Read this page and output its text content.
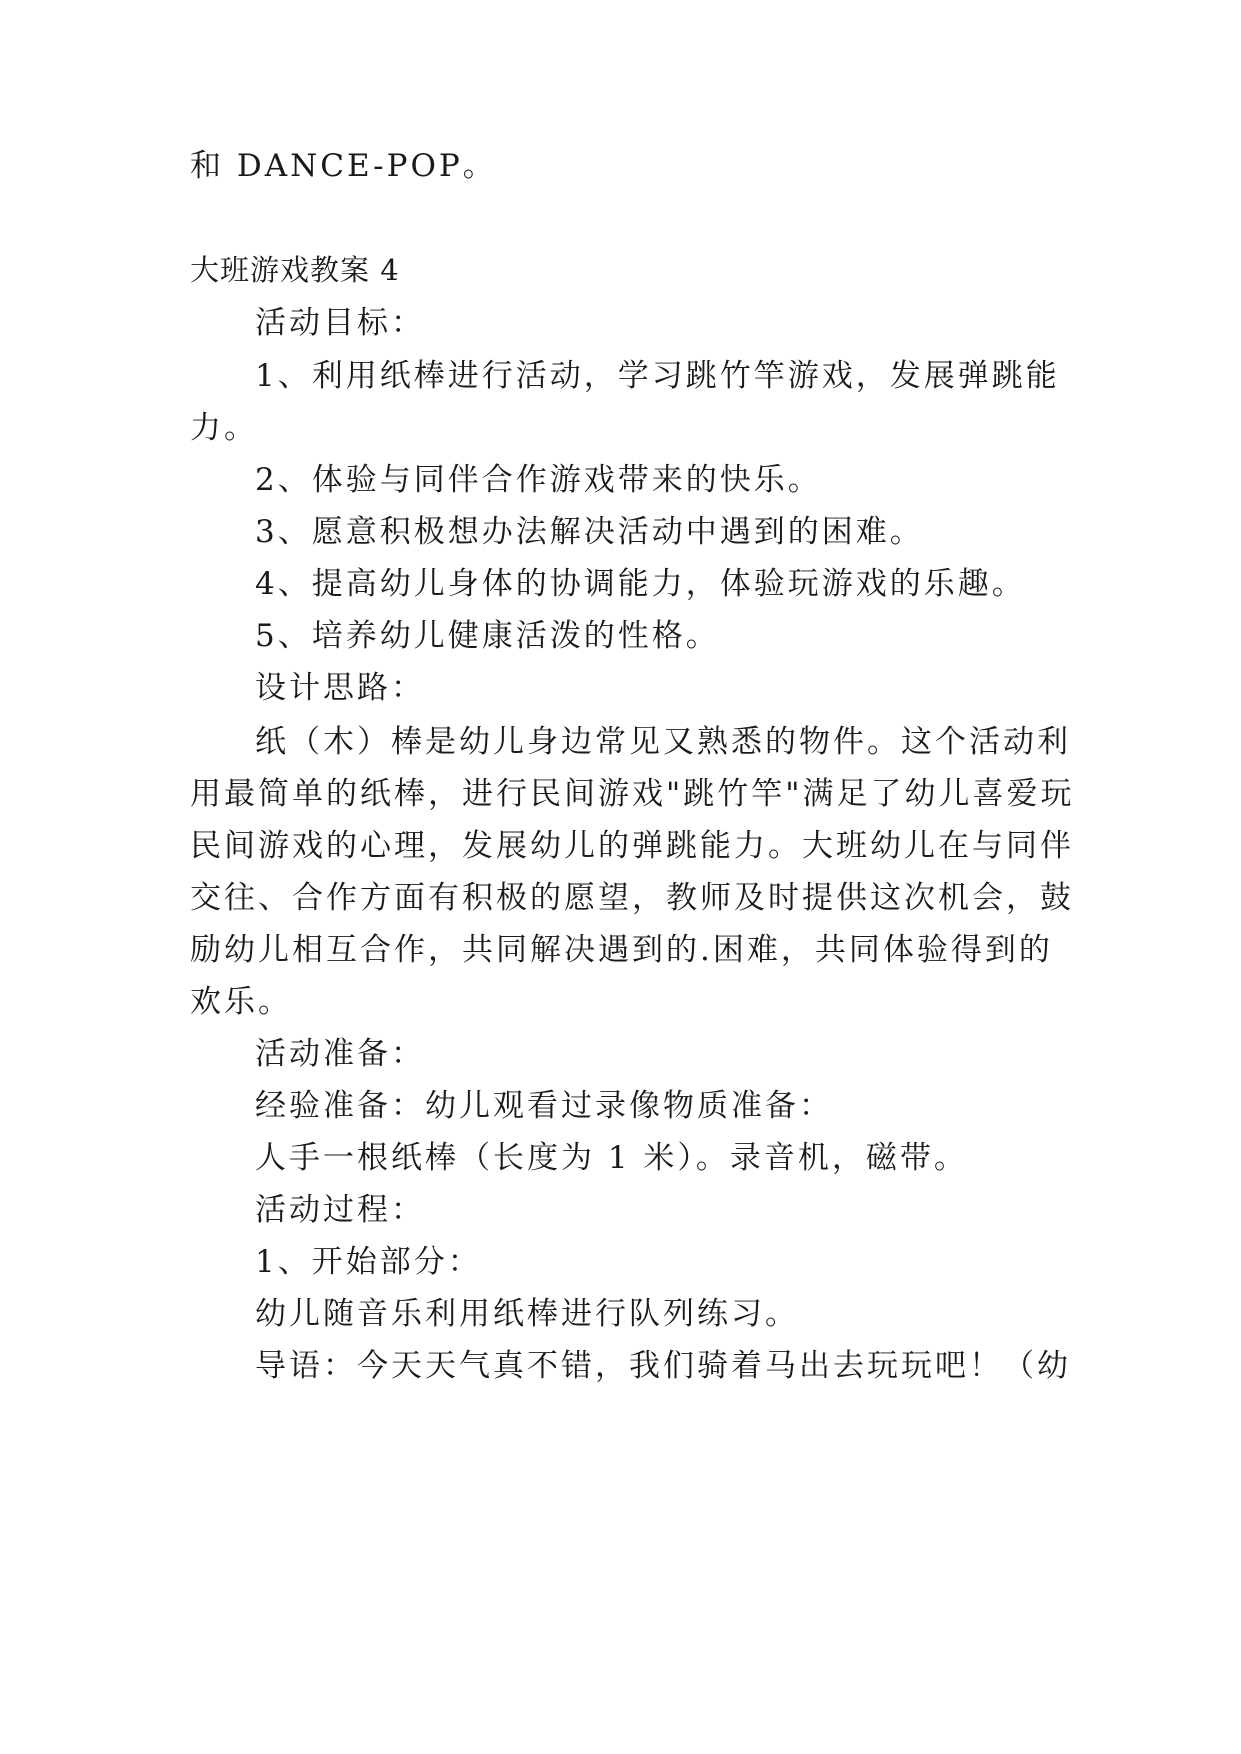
和 DANCE-POP。
大班游戏教案 4
活动目标：
1、利用纸棒进行活动，学习跳竹竿游戏，发展弹跳能
力。
2、体验与同伴合作游戏带来的快乐。
3、愿意积极想办法解决活动中遇到的困难。
4、提高幼儿身体的协调能力，体验玩游戏的乐趣。
5、培养幼儿健康活泼的性格。
设计思路：
纸（木）棒是幼儿身边常见又熟悉的物件。这个活动利
用最简单的纸棒，进行民间游戏"跳竹竿"满足了幼儿喜爱玩
民间游戏的心理，发展幼儿的弹跳能力。大班幼儿在与同伴
交往、合作方面有积极的愿望，教师及时提供这次机会，鼓
励幼儿相互合作，共同解决遇到的.困难，共同体验得到的
欢乐。
活动准备：
经验准备：幼儿观看过录像物质准备：
人手一根纸棒（长度为 1 米）。录音机，磁带。
活动过程：
1、开始部分：
幼儿随音乐利用纸棒进行队列练习。
导语：今天天气真不错，我们骑着马出去玩玩吧！（幼
